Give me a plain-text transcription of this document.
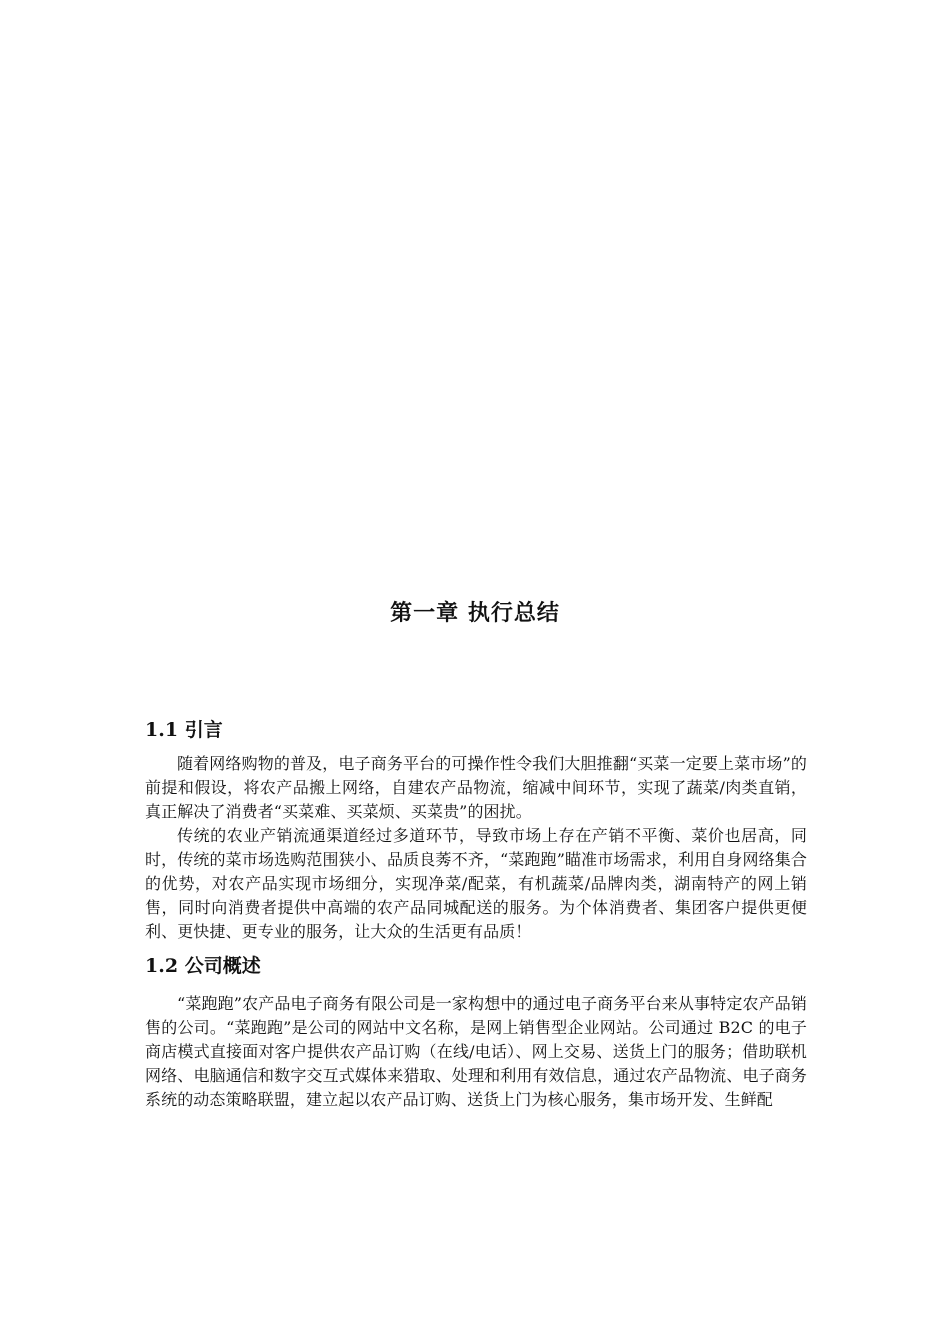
第一章 执行总结
1.1 引言

随着网络购物的普及，电子商务平台的可操作性令我们大胆推翻“买菜一定要上菜市场”的前提和假设，将农产品搬上网络，自建农产品物流，缩减中间环节，实现了蔬菜/肉类直销，真正解决了消费者“买菜难、买菜烦、买菜贵”的困扰。

传统的农业产销流通渠道经过多道环节，导致市场上存在产销不平衡、菜价也居高，同时，传统的菜市场选购范围狭小、品质良莠不齐，“菜跑跑”瞄准市场需求，利用自身网络集合的优势，对农产品实现市场细分，实现净菜/配菜，有机蔬菜/品牌肉类，湖南特产的网上销售，同时向消费者提供中高端的农产品同城配送的服务。为个体消费者、集团客户提供更便利、更快捷、更专业的服务，让大众的生活更有品质！

1.2 公司概述

“菜跑跑”农产品电子商务有限公司是一家构想中的通过电子商务平台来从事特定农产品销售的公司。“菜跑跑”是公司的网站中文名称，是网上销售型企业网站。公司通过 B2C 的电子商店模式直接面对客户提供农产品订购（在线/电话）、网上交易、送货上门的服务；借助联机网络、电脑通信和数字交互式媒体来猎取、处理和利用有效信息，通过农产品物流、电子商务系统的动态策略联盟，建立起以农产品订购、送货上门为核心服务，集市场开发、生鲜配
